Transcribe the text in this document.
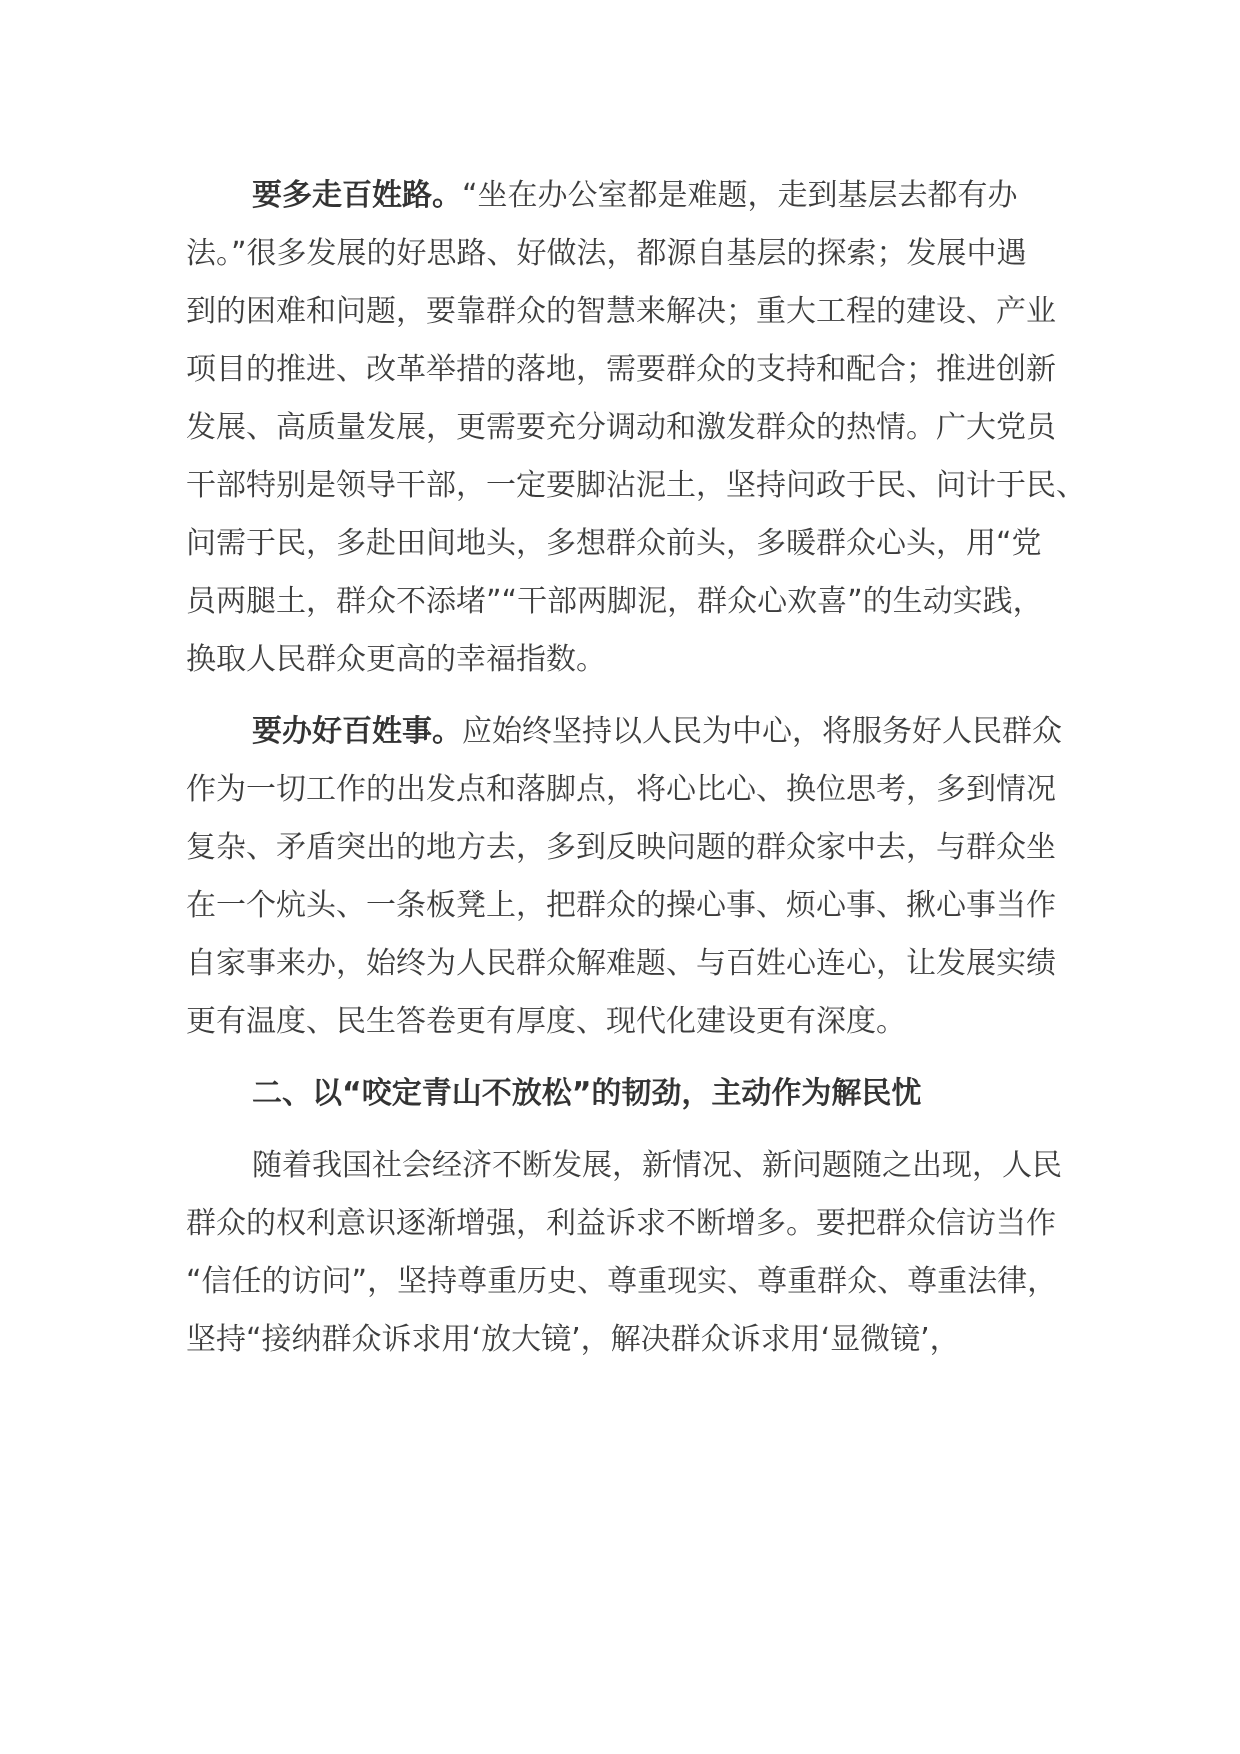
要多走百姓路。“坐在办公室都是难题，走到基层去都有办
法。”很多发展的好思路、好做法，都源自基层的探索；发展中遇
到的困难和问题，要靠群众的智慧来解决；重大工程的建设、产业
项目的推进、改革举措的落地，需要群众的支持和配合；推进创新
发展、高质量发展，更需要充分调动和激发群众的热情。广大党员
干部特别是领导干部，一定要脚沾泥土，坚持问政于民、问计于民、
问需于民，多赴田间地头，多想群众前头，多暖群众心头，用“党
员两腿土，群众不添堵”“干部两脚泥，群众心欢喜”的生动实践，
换取人民群众更高的幸福指数。
要办好百姓事。应始终坚持以人民为中心，将服务好人民群众
作为一切工作的出发点和落脚点，将心比心、换位思考，多到情况
复杂、矛盾突出的地方去，多到反映问题的群众家中去，与群众坐
在一个炕头、一条板凳上，把群众的操心事、烦心事、揪心事当作
自家事来办，始终为人民群众解难题、与百姓心连心，让发展实绩
更有温度、民生答卷更有厚度、现代化建设更有深度。
二、以“咬定青山不放松”的韧劲，主动作为解民忧
随着我国社会经济不断发展，新情况、新问题随之出现，人民
群众的权利意识逐渐增强，利益诉求不断增多。要把群众信访当作
“信任的访问”，坚持尊重历史、尊重现实、尊重群众、尊重法律，
坚持“接纳群众诉求用‘放大镜’，解决群众诉求用‘显微镜’，
